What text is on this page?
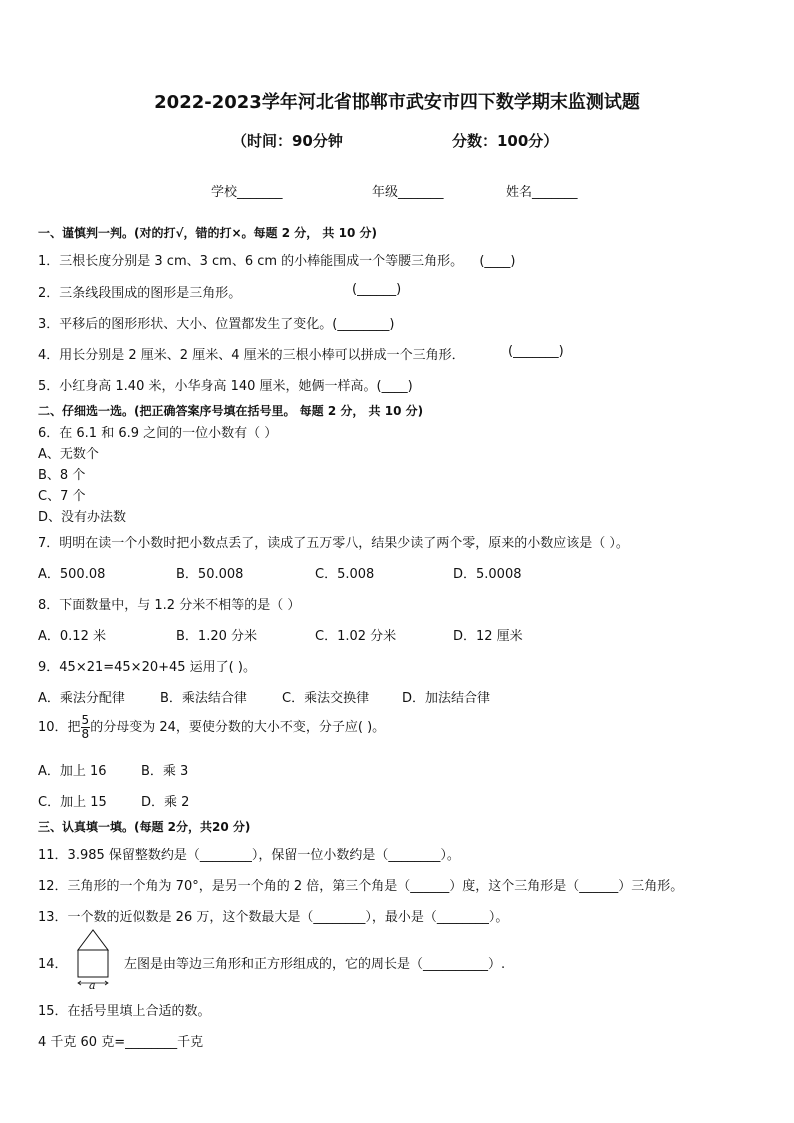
2022-2023学年河北省邯郸市武安市四下数学期末监测试题
（时间：90分钟	分数：100分）
学校_______	年级_______	姓名_______
一、谨慎判一判。(对的打√，错的打×。每题 2 分， 共 10 分)
1．三根长度分别是 3 cm、3 cm、6 cm 的小棒能围成一个等腰三角形。 (____)
2．三条线段围成的图形是三角形。	(______)
3．平移后的图形形状、大小、位置都发生了变化。(________)
4．用长分别是 2 厘米、2 厘米、4 厘米的三根小棒可以拼成一个三角形．	(_______)
5．小红身高 1.40 米，小华身高 140 厘米，她俩一样高。(____)
二、仔细选一选。(把正确答案序号填在括号里。 每题 2 分， 共 10 分)
6．在 6.1 和 6.9 之间的一位小数有（ ）
A、无数个
B、8 个
C、7 个
D、没有办法数
7．明明在读一个小数时把小数点丢了，读成了五万零八，结果少读了两个零，原来的小数应该是（ ）。
A．500.08	B．50.008	C．5.008	D．5.0008
8．下面数量中，与 1.2 分米不相等的是（ ）
A．0.12 米	B．1.20 分米	C．1.02 分米	D．12 厘米
9．45×21=45×20+45 运用了( )。
A．乘法分配律	B．乘法结合律	C．乘法交换律	D．加法结合律
10．把 $\frac{5}{8}$ 的分母变为 24，要使分数的大小不变，分子应( )。
A．加上 16	B．乘 3
C．加上 15	D．乘 2
三、认真填一填。(每题 2分，共20 分)
11．3.985 保留整数约是（________），保留一位小数约是（________）。
12．三角形的一个角为 70°，是另一个角的 2 倍，第三个角是（______）度，这个三角形是（______）三角形。
13．一个数的近似数是 26 万，这个数最大是（________），最小是（________）。
14．
a
左图是由等边三角形和正方形组成的，它的周长是（__________）.
15．在括号里填上合适的数。
4 千克 60 克=________千克
